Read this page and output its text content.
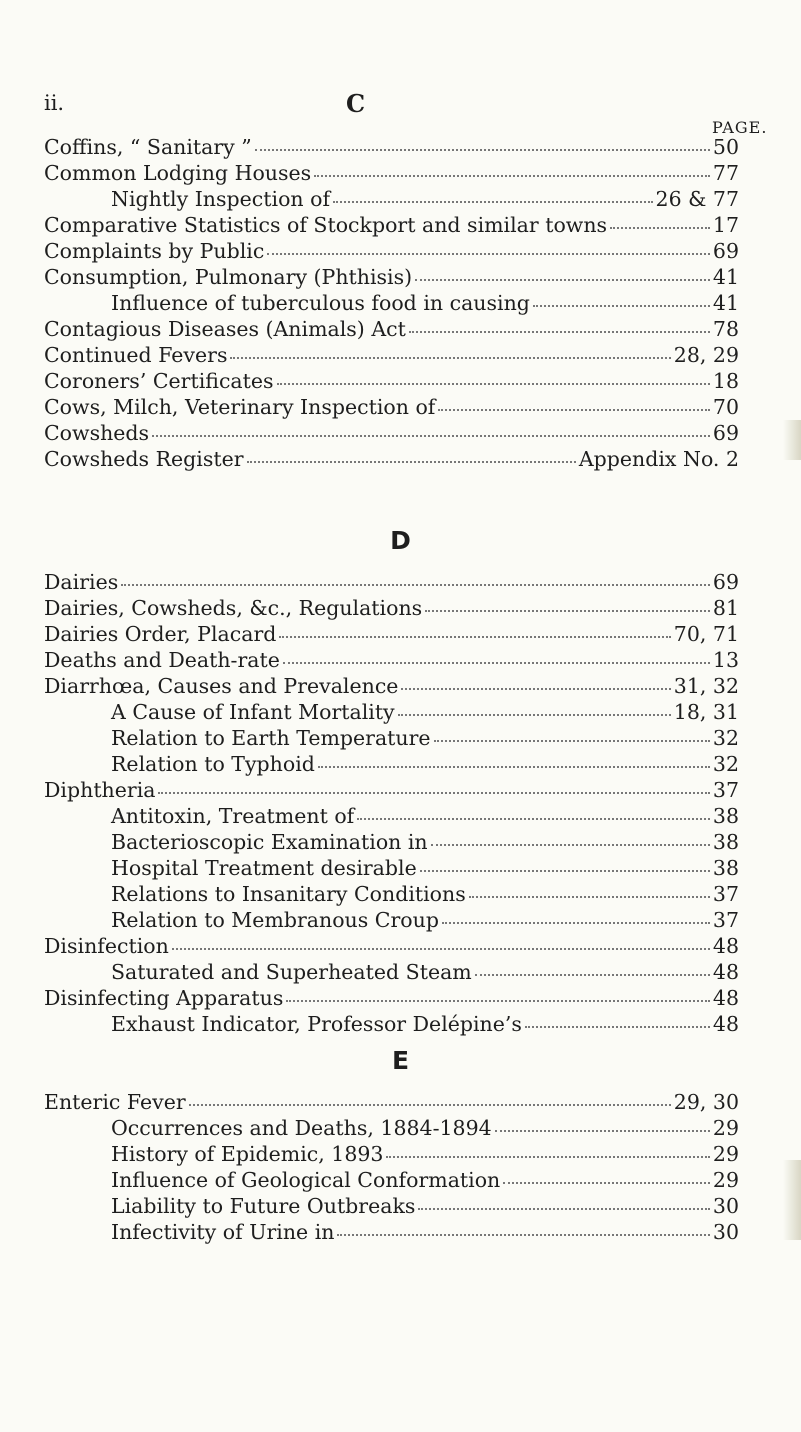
ii.	C
PAGE.
Coffins, “ Sanitary ”	50
Common Lodging Houses	77
Nightly Inspection of	26 & 77
Comparative Statistics of Stockport and similar towns	17
Complaints by Public	69
Consumption, Pulmonary (Phthisis)	41
Influence of tuberculous food in causing	41
Contagious Diseases (Animals) Act	78
Continued Fevers	28, 29
Coroners’ Certificates	18
Cows, Milch, Veterinary Inspection of	70
Cowsheds	69
Cowsheds Register	Appendix No. 2
D
Dairies	69
Dairies, Cowsheds, &c., Regulations	81
Dairies Order, Placard	70, 71
Deaths and Death-rate	13
Diarrhœa, Causes and Prevalence	31, 32
A Cause of Infant Mortality	18, 31
Relation to Earth Temperature	32
Relation to Typhoid	32
Diphtheria	37
Antitoxin, Treatment of	38
Bacterioscopic Examination in	38
Hospital Treatment desirable	38
Relations to Insanitary Conditions	37
Relation to Membranous Croup	37
Disinfection	48
Saturated and Superheated Steam	48
Disinfecting Apparatus	48
Exhaust Indicator, Professor Delépine’s	48
E
Enteric Fever	29, 30
Occurrences and Deaths, 1884-1894	29
History of Epidemic, 1893	29
Influence of Geological Conformation	29
Liability to Future Outbreaks	30
Infectivity of Urine in	30
